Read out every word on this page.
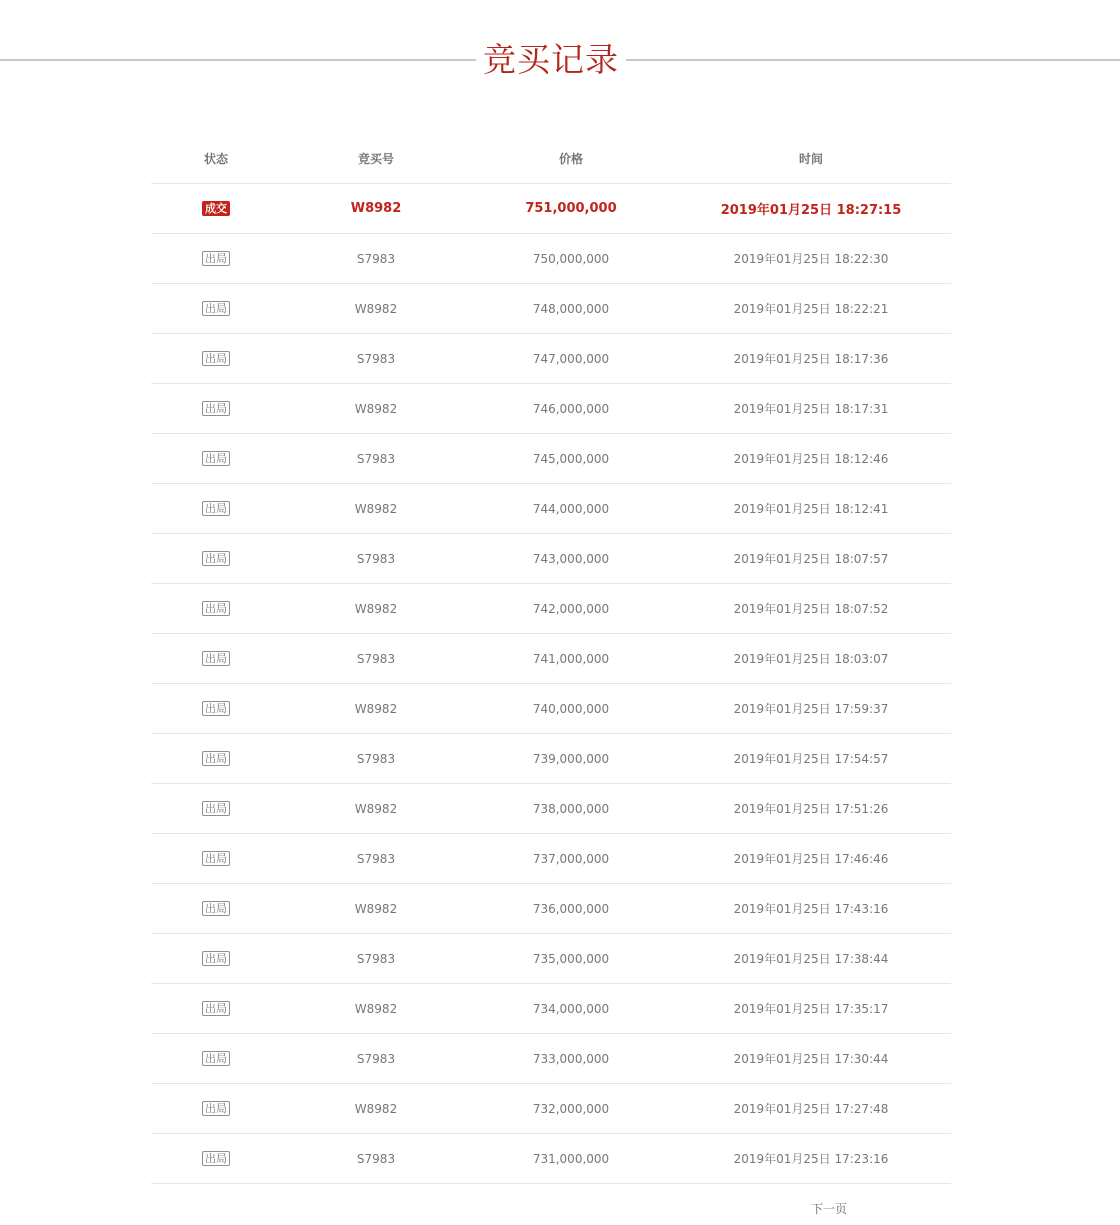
竞买记录
状态	竞买号	价格	时间
成交	W8982	751,000,000	2019年01月25日 18:27:15
出局	S7983	750,000,000	2019年01月25日 18:22:30
出局	W8982	748,000,000	2019年01月25日 18:22:21
出局	S7983	747,000,000	2019年01月25日 18:17:36
出局	W8982	746,000,000	2019年01月25日 18:17:31
出局	S7983	745,000,000	2019年01月25日 18:12:46
出局	W8982	744,000,000	2019年01月25日 18:12:41
出局	S7983	743,000,000	2019年01月25日 18:07:57
出局	W8982	742,000,000	2019年01月25日 18:07:52
出局	S7983	741,000,000	2019年01月25日 18:03:07
出局	W8982	740,000,000	2019年01月25日 17:59:37
出局	S7983	739,000,000	2019年01月25日 17:54:57
出局	W8982	738,000,000	2019年01月25日 17:51:26
出局	S7983	737,000,000	2019年01月25日 17:46:46
出局	W8982	736,000,000	2019年01月25日 17:43:16
出局	S7983	735,000,000	2019年01月25日 17:38:44
出局	W8982	734,000,000	2019年01月25日 17:35:17
出局	S7983	733,000,000	2019年01月25日 17:30:44
出局	W8982	732,000,000	2019年01月25日 17:27:48
出局	S7983	731,000,000	2019年01月25日 17:23:16
下一页
